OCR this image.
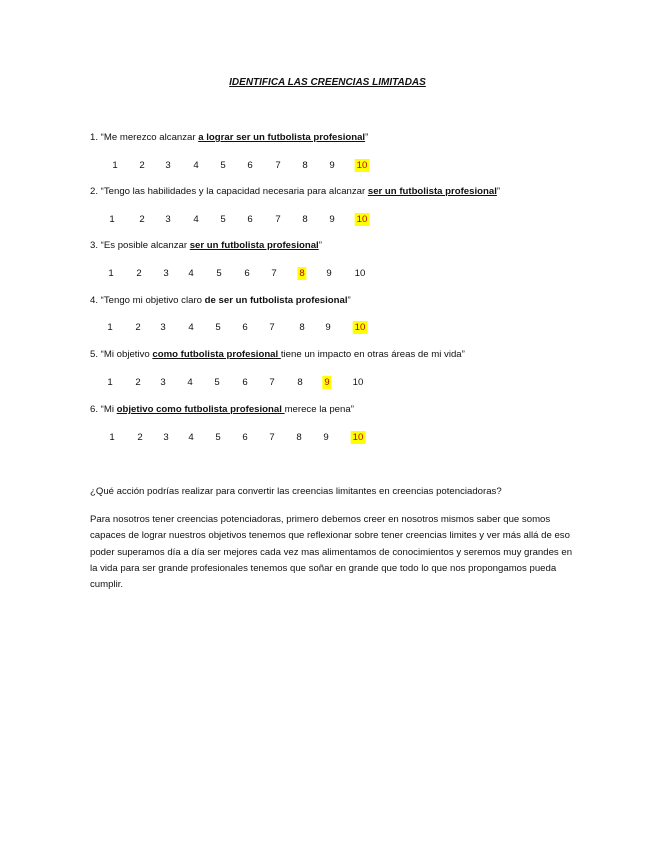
IDENTIFICA LAS CREENCIAS LIMITADAS
1. “Me merezco alcanzar a lograr ser un futbolista profesional”
1 2 3 4 5 6 7 8 9 10
2. “Tengo las habilidades y la capacidad necesaria para alcanzar ser un futbolista profesional”
1	2 3 4 5 6 7 8 9 10
3. “Es posible alcanzar ser un futbolista profesional”
1 2 3 4 5 6 7 8 9 10
4. “Tengo mi objetivo claro de ser un futbolista profesional”
1 2 3 4 5 6 7	8 9 10
5. “Mi objetivo como futbolista profesional tiene un impacto en otras áreas de mi vida”
1 2 3 4 5 6 7 8 9 10
6. “Mi objetivo como futbolista profesional merece la pena”
1 2 3 4 5 6 7 8 9 10
¿Qué acción podrías realizar para convertir las creencias limitantes en creencias potenciadoras?
Para nosotros tener creencias potenciadoras, primero debemos creer en nosotros mismos saber que somos capaces de lograr nuestros objetivos tenemos que reflexionar sobre tener creencias limites y ver más allá de eso poder superamos día a día ser mejores cada vez mas alimentamos de conocimientos y seremos muy grandes en la vida para ser grande profesionales tenemos que soñar en grande que todo lo que nos propongamos pueda cumplir.
